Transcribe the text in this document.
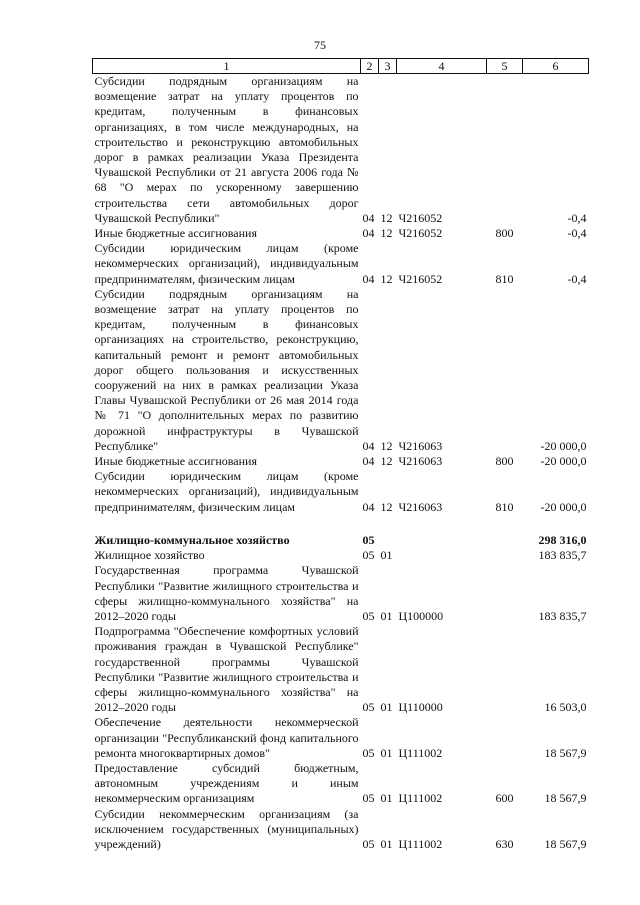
75
1	2	3	4	5	6
Субсидии подрядным организациям на возмещение затрат на уплату процентов по кредитам, полученным в финансовых организациях, в том числе международных, на строительство и реконструкцию автомобильных дорог в рамках реализации Указа Президента Чувашской Республики от 21 августа 2006 года № 68 "О мерах по ускоренному завершению строительства сети автомобильных дорог Чувашской Республики"	04	12	Ч216052		-0,4
Иные бюджетные ассигнования	04	12	Ч216052	800	-0,4
Субсидии юридическим лицам (кроме некоммерческих организаций), индивидуальным предпринимателям, физическим лицам	04	12	Ч216052	810	-0,4
Субсидии подрядным организациям на возмещение затрат на уплату процентов по кредитам, полученным в финансовых организациях на строительство, реконструкцию, капитальный ремонт и ремонт автомобильных дорог общего пользования и искусственных сооружений на них в рамках реализации Указа Главы Чувашской Республики от 26 мая 2014 года № 71 "О дополнительных мерах по развитию дорожной инфраструктуры в Чувашской Республике"	04	12	Ч216063		-20 000,0
Иные бюджетные ассигнования	04	12	Ч216063	800	-20 000,0
Субсидии юридическим лицам (кроме некоммерческих организаций), индивидуальным предпринимателям, физическим лицам	04	12	Ч216063	810	-20 000,0

Жилищно-коммунальное хозяйство	05				298 316,0
Жилищное хозяйство	05	01			183 835,7
Государственная программа Чувашской Республики "Развитие жилищного строительства и сферы жилищно-коммунального хозяйства" на 2012–2020 годы	05	01	Ц100000		183 835,7
Подпрограмма "Обеспечение комфортных условий проживания граждан в Чувашской Республике" государственной программы Чувашской Республики "Развитие жилищного строительства и сферы жилищно-коммунального хозяйства" на 2012–2020 годы	05	01	Ц110000		16 503,0
Обеспечение деятельности некоммерческой организации "Республиканский фонд капитального ремонта многоквартирных домов"	05	01	Ц111002		18 567,9
Предоставление субсидий бюджетным, автономным учреждениям и иным некоммерческим организациям	05	01	Ц111002	600	18 567,9
Субсидии некоммерческим организациям (за исключением государственных (муниципальных) учреждений)	05	01	Ц111002	630	18 567,9
